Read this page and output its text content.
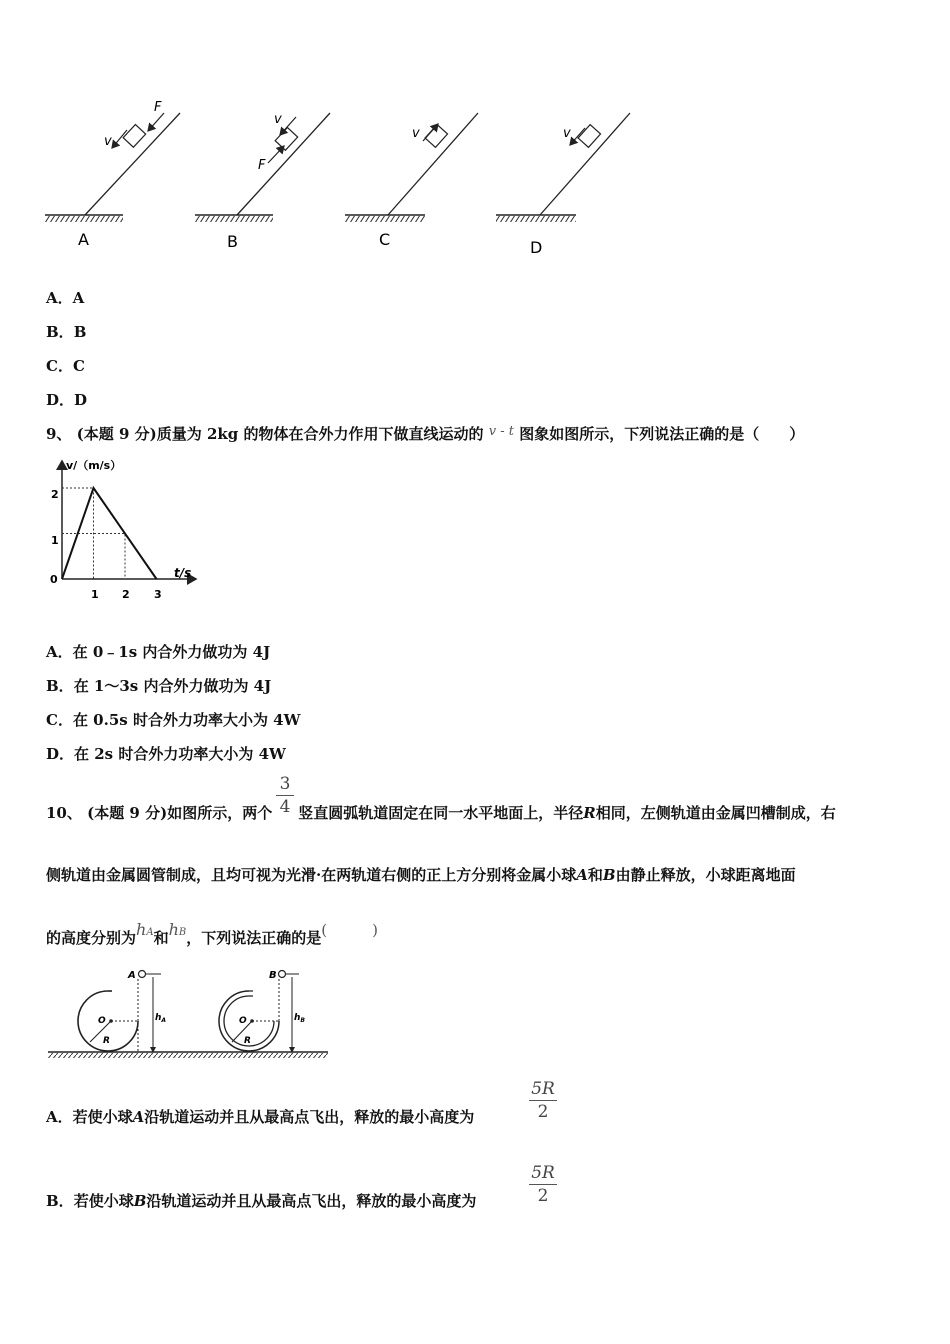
F
v
A
v
F
B
v
C
v
D
A．A
B．B
C．C
D．D
9、 (本题 9 分)质量为 2kg 的物体在合外力作用下做直线运动的 v - t 图象如图所示，下列说法正确的是（　　）
v/（m/s）
t/s
0
1
2
1 2 3
A．在 0﹣1s 内合外力做功为 4J
B．在 1～3s 内合外力做功为 4J
C．在 0.5s 时合外力功率大小为 4W
D．在 2s 时合外力功率大小为 4W
10、 (本题 9 分)如图所示，两个 竖直圆弧轨道固定在同一水平地面上，半径R相同，左侧轨道由金属凹槽制成，右
3
4
侧轨道由金属圆管制成，且均可视为光滑·在两轨道右侧的正上方分别将金属小球A和B由静止释放，小球距离地面
的高度分别为hA和hB，下列说法正确的是(　　　)
A
O
R
$h_A$
B
O
R
$h_B$
A．若使小球A沿轨道运动并且从最高点飞出，释放的最小高度为
5R
2
B．若使小球B沿轨道运动并且从最高点飞出，释放的最小高度为
5R
2
